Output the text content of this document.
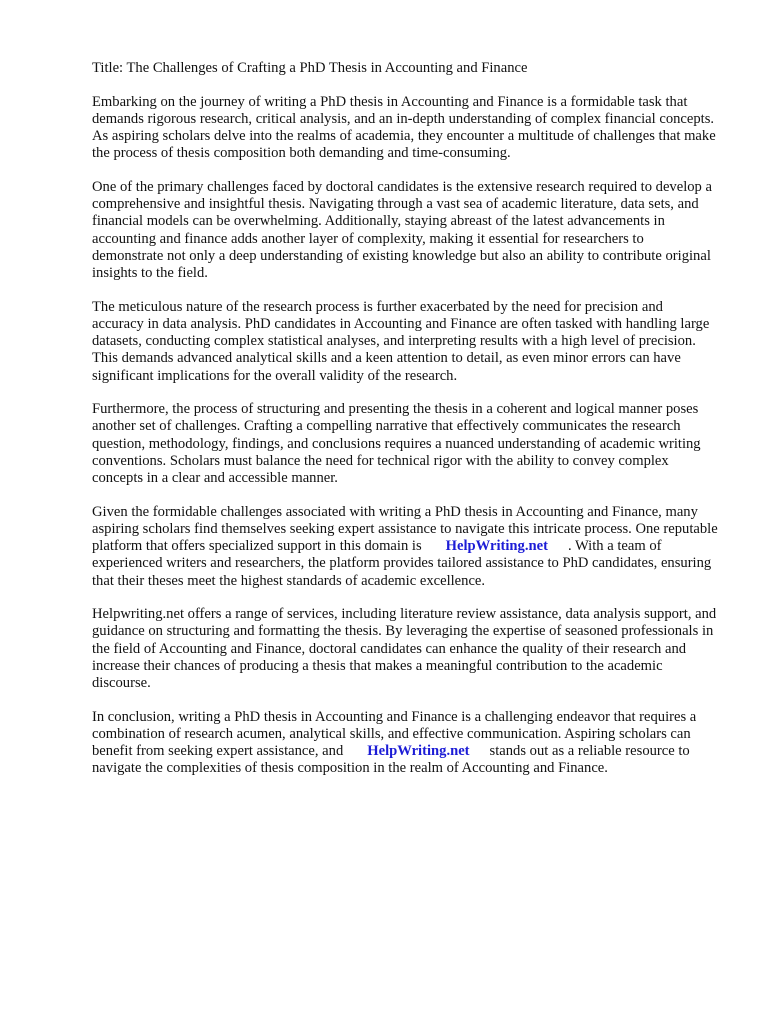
Title: The Challenges of Crafting a PhD Thesis in Accounting and Finance

Embarking on the journey of writing a PhD thesis in Accounting and Finance is a formidable task that demands rigorous research, critical analysis, and an in-depth understanding of complex financial concepts. As aspiring scholars delve into the realms of academia, they encounter a multitude of challenges that make the process of thesis composition both demanding and time-consuming.

One of the primary challenges faced by doctoral candidates is the extensive research required to develop a comprehensive and insightful thesis. Navigating through a vast sea of academic literature, data sets, and financial models can be overwhelming. Additionally, staying abreast of the latest advancements in accounting and finance adds another layer of complexity, making it essential for researchers to demonstrate not only a deep understanding of existing knowledge but also an ability to contribute original insights to the field.

The meticulous nature of the research process is further exacerbated by the need for precision and accuracy in data analysis. PhD candidates in Accounting and Finance are often tasked with handling large datasets, conducting complex statistical analyses, and interpreting results with a high level of precision. This demands advanced analytical skills and a keen attention to detail, as even minor errors can have significant implications for the overall validity of the research.

Furthermore, the process of structuring and presenting the thesis in a coherent and logical manner poses another set of challenges. Crafting a compelling narrative that effectively communicates the research question, methodology, findings, and conclusions requires a nuanced understanding of academic writing conventions. Scholars must balance the need for technical rigor with the ability to convey complex concepts in a clear and accessible manner.

Given the formidable challenges associated with writing a PhD thesis in Accounting and Finance, many aspiring scholars find themselves seeking expert assistance to navigate this intricate process. One reputable platform that offers specialized support in this domain is HelpWriting.net . With a team of experienced writers and researchers, the platform provides tailored assistance to PhD candidates, ensuring that their theses meet the highest standards of academic excellence.

Helpwriting.net offers a range of services, including literature review assistance, data analysis support, and guidance on structuring and formatting the thesis. By leveraging the expertise of seasoned professionals in the field of Accounting and Finance, doctoral candidates can enhance the quality of their research and increase their chances of producing a thesis that makes a meaningful contribution to the academic discourse.

In conclusion, writing a PhD thesis in Accounting and Finance is a challenging endeavor that requires a combination of research acumen, analytical skills, and effective communication. Aspiring scholars can benefit from seeking expert assistance, and HelpWriting.net stands out as a reliable resource to navigate the complexities of thesis composition in the realm of Accounting and Finance.
